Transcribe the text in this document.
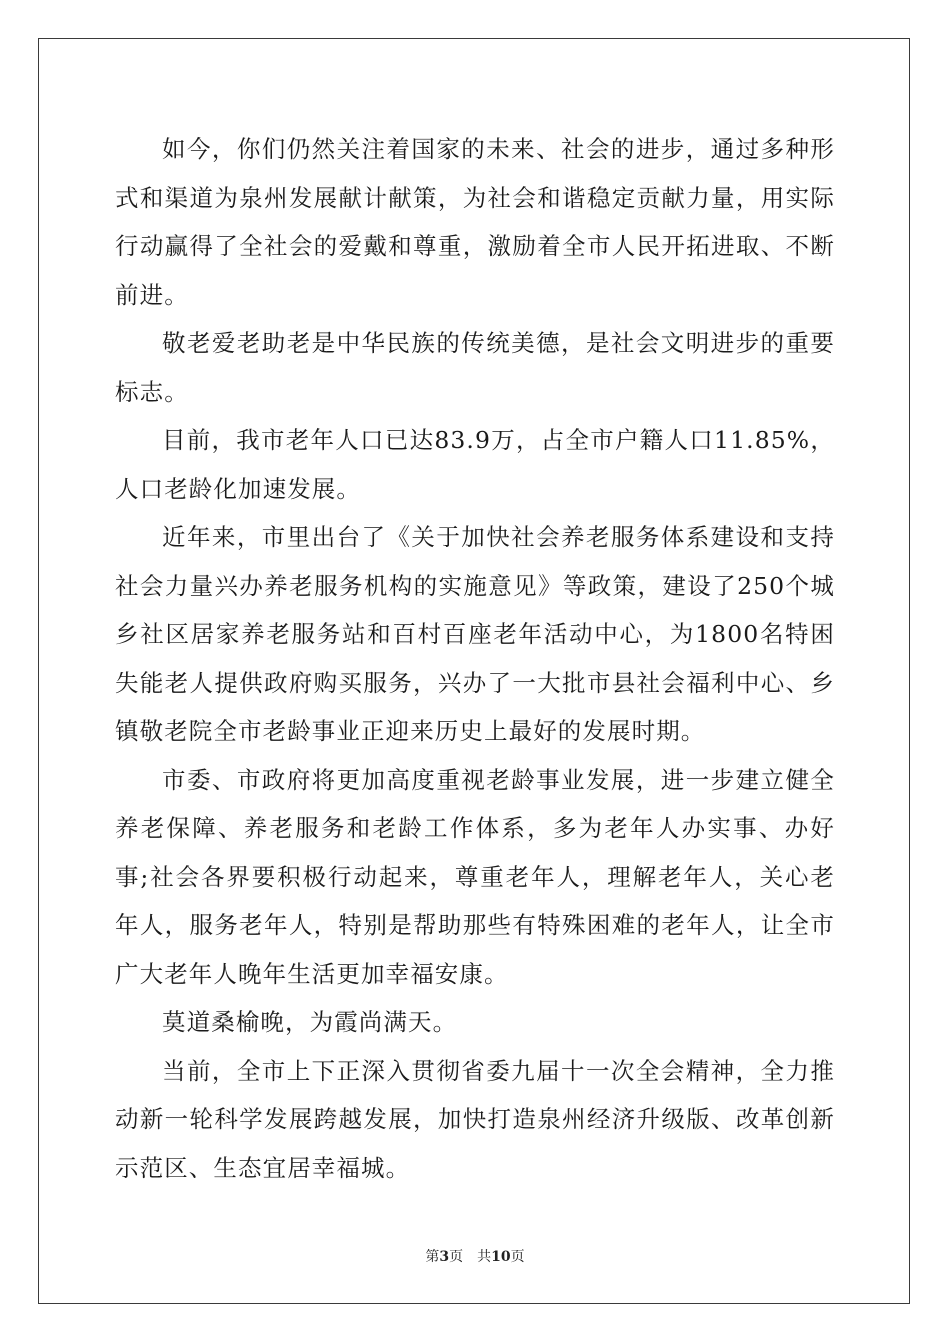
如今，你们仍然关注着国家的未来、社会的进步，通过多种形式和渠道为泉州发展献计献策，为社会和谐稳定贡献力量，用实际行动赢得了全社会的爱戴和尊重，激励着全市人民开拓进取、不断前进。

敬老爱老助老是中华民族的传统美德，是社会文明进步的重要标志。

目前，我市老年人口已达83.9万，占全市户籍人口11.85%，人口老龄化加速发展。

近年来，市里出台了《关于加快社会养老服务体系建设和支持社会力量兴办养老服务机构的实施意见》等政策，建设了250个城乡社区居家养老服务站和百村百座老年活动中心，为1800名特困失能老人提供政府购买服务，兴办了一大批市县社会福利中心、乡镇敬老院全市老龄事业正迎来历史上最好的发展时期。

市委、市政府将更加高度重视老龄事业发展，进一步建立健全养老保障、养老服务和老龄工作体系，多为老年人办实事、办好事;社会各界要积极行动起来，尊重老年人，理解老年人，关心老年人，服务老年人，特别是帮助那些有特殊困难的老年人，让全市广大老年人晚年生活更加幸福安康。

莫道桑榆晚，为霞尚满天。

当前，全市上下正深入贯彻省委九届十一次全会精神，全力推动新一轮科学发展跨越发展，加快打造泉州经济升级版、改革创新示范区、生态宜居幸福城。

第3页 共10页
